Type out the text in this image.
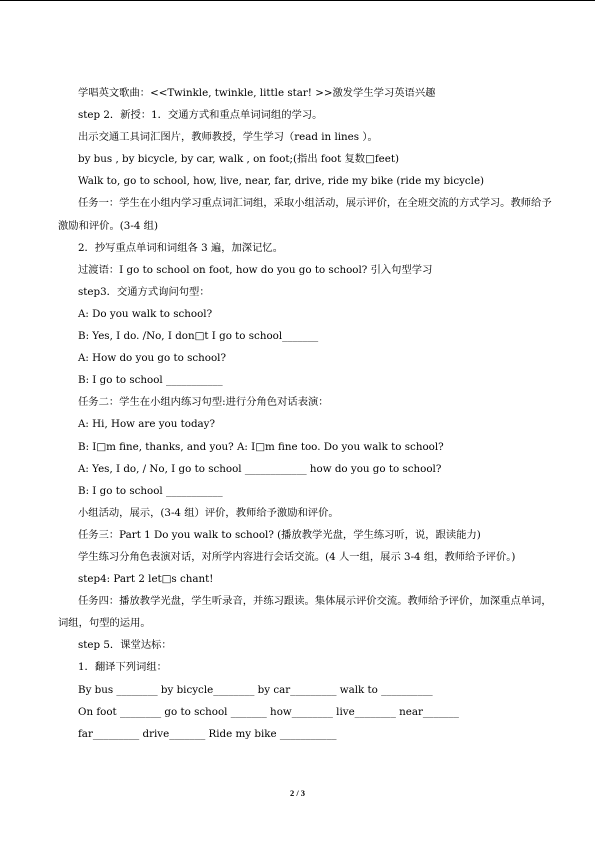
学唱英文歌曲：<<Twinkle, twinkle, little star! >>激发学生学习英语兴趣

step 2．新授：1．交通方式和重点单词词组的学习。

出示交通工具词汇图片，教师教授，学生学习（read in lines ）。

by bus , by bicycle, by car, walk , on foot;(指出 foot 复数□feet)

Walk to, go to school, how, live, near, far, drive, ride my bike (ride my bicycle)

任务一：学生在小组内学习重点词汇词组，采取小组活动，展示评价，在全班交流的方式学习。教师给予激励和评价。(3-4 组)

2．抄写重点单词和词组各 3 遍，加深记忆。

过渡语：I go to school on foot, how do you go to school? 引入句型学习

step3．交通方式询问句型：

A: Do you walk to school?

B: Yes, I do. /No, I don□t I go to school_______

A: How do you go to school?

B: I go to school ___________

任务二：学生在小组内练习句型:进行分角色对话表演：

A: Hi, How are you today?

B: I□m fine, thanks, and you? A: I□m fine too. Do you walk to school?

A: Yes, I do, / No, I go to school ____________ how do you go to school?

B: I go to school ___________

小组活动，展示，(3-4 组）评价，教师给予激励和评价。

任务三：Part 1 Do you walk to school? (播放教学光盘，学生练习听，说，跟读能力)

学生练习分角色表演对话，对所学内容进行会话交流。(4 人一组，展示 3-4 组，教师给予评价。)

step4: Part 2 let□s chant!

任务四：播放教学光盘，学生听录音，并练习跟读。集体展示评价交流。教师给予评价，加深重点单词，词组，句型的运用。

step 5．课堂达标：

1．翻译下列词组：

By bus ________ by bicycle________ by car_________ walk to __________

On foot ________ go to school _______ how________ live________ near_______

far_________ drive_______ Ride my bike ___________

2 / 3
